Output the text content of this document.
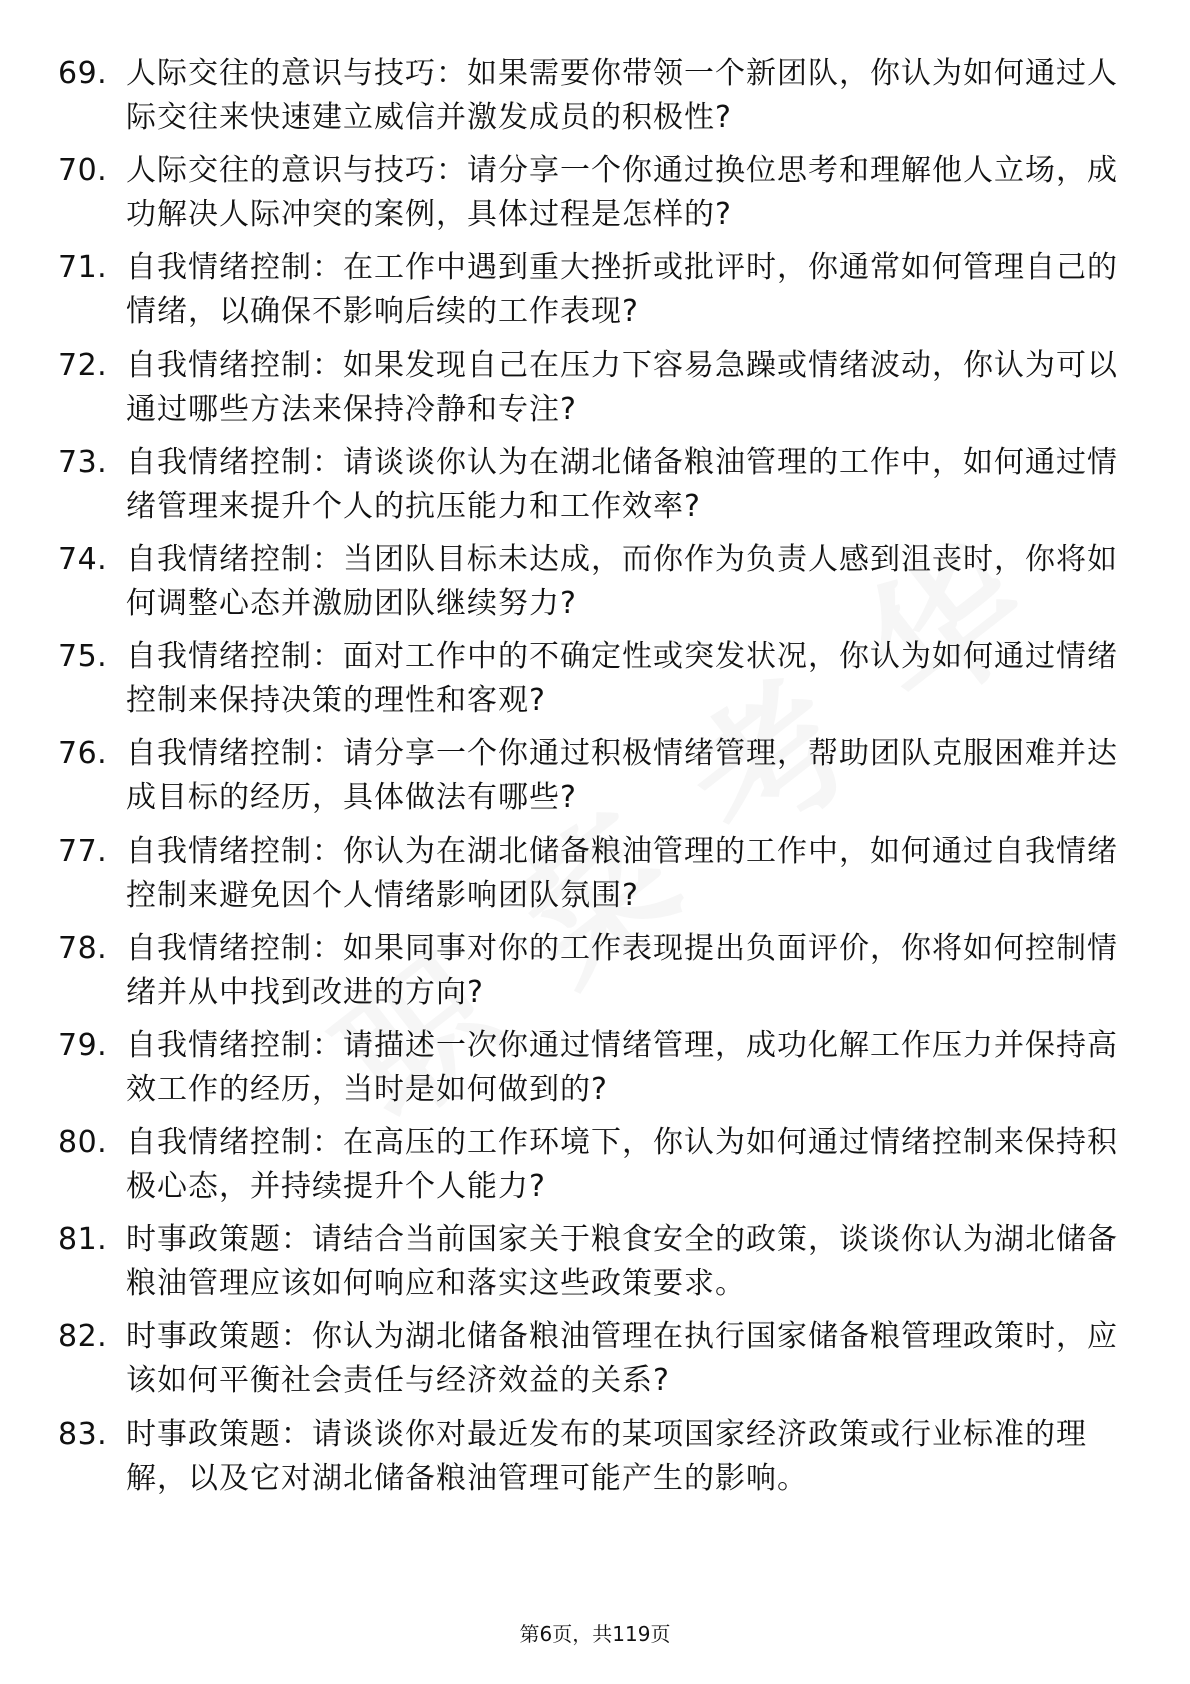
69. 人际交往的意识与技巧：如果需要你带领一个新团队，你认为如何通过人际交往来快速建立威信并激发成员的积极性?
70. 人际交往的意识与技巧：请分享一个你通过换位思考和理解他人立场，成功解决人际冲突的案例，具体过程是怎样的?
71. 自我情绪控制：在工作中遇到重大挫折或批评时，你通常如何管理自己的情绪，以确保不影响后续的工作表现?
72. 自我情绪控制：如果发现自己在压力下容易急躁或情绪波动，你认为可以通过哪些方法来保持冷静和专注?
73. 自我情绪控制：请谈谈你认为在湖北储备粮油管理的工作中，如何通过情绪管理来提升个人的抗压能力和工作效率?
74. 自我情绪控制：当团队目标未达成，而你作为负责人感到沮丧时，你将如何调整心态并激励团队继续努力?
75. 自我情绪控制：面对工作中的不确定性或突发状况，你认为如何通过情绪控制来保持决策的理性和客观?
76. 自我情绪控制：请分享一个你通过积极情绪管理，帮助团队克服困难并达成目标的经历，具体做法有哪些?
77. 自我情绪控制：你认为在湖北储备粮油管理的工作中，如何通过自我情绪控制来避免因个人情绪影响团队氛围?
78. 自我情绪控制：如果同事对你的工作表现提出负面评价，你将如何控制情绪并从中找到改进的方向?
79. 自我情绪控制：请描述一次你通过情绪管理，成功化解工作压力并保持高效工作的经历，当时是如何做到的?
80. 自我情绪控制：在高压的工作环境下，你认为如何通过情绪控制来保持积极心态，并持续提升个人能力?
81. 时事政策题：请结合当前国家关于粮食安全的政策，谈谈你认为湖北储备粮油管理应该如何响应和落实这些政策要求。
82. 时事政策题：你认为湖北储备粮油管理在执行国家储备粮管理政策时，应该如何平衡社会责任与经济效益的关系?
83. 时事政策题：请谈谈你对最近发布的某项国家经济政策或行业标准的理解，以及它对湖北储备粮油管理可能产生的影响。
第6页，共119页
